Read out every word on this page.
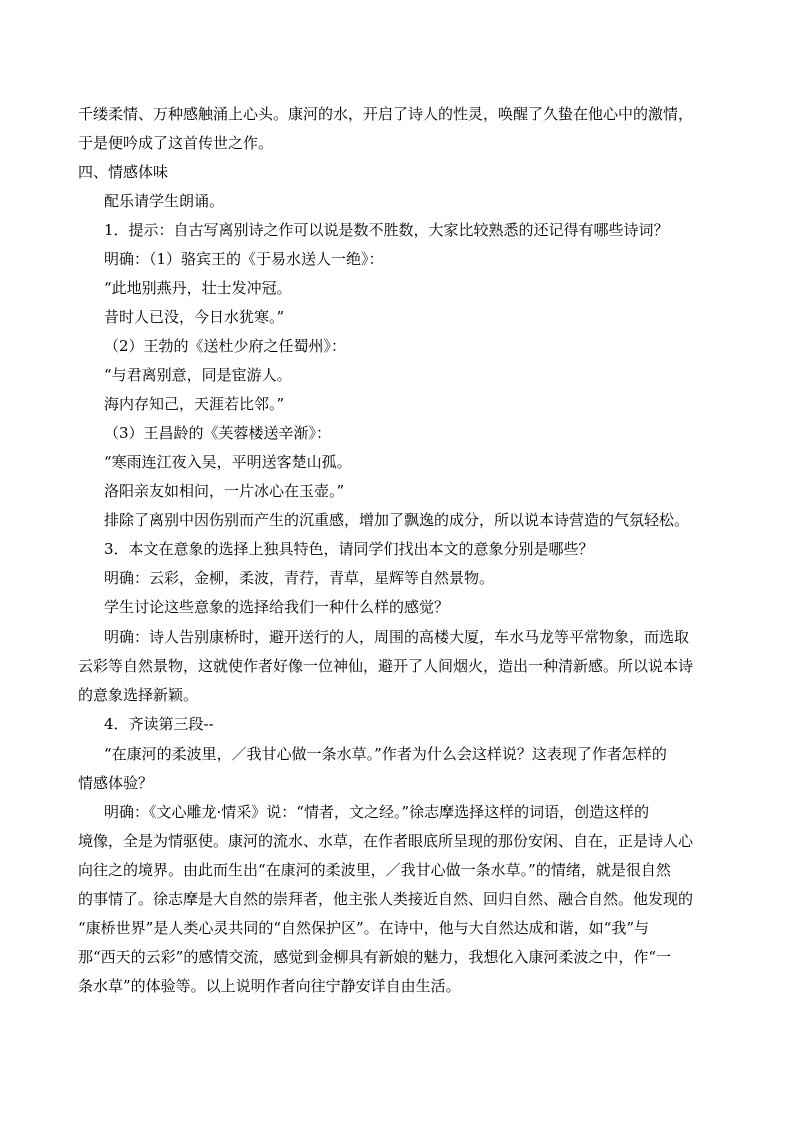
千缕柔情、万种感触涌上心头。康河的水，开启了诗人的性灵，唤醒了久蛰在他心中的激情，
于是便吟成了这首传世之作。
四、情感体味
配乐请学生朗诵。
1．提示：自古写离别诗之作可以说是数不胜数，大家比较熟悉的还记得有哪些诗词？
明确：（1）骆宾王的《于易水送人一绝》：
“此地别燕丹，壮士发冲冠。
昔时人已没，今日水犹寒。”
（2）王勃的《送杜少府之任蜀州》：
“与君离别意，同是宦游人。
海内存知己，天涯若比邻。”
（3）王昌龄的《芙蓉楼送辛渐》：
“寒雨连江夜入吴，平明送客楚山孤。
洛阳亲友如相问，一片冰心在玉壶。”
排除了离别中因伤别而产生的沉重感，增加了飘逸的成分，所以说本诗营造的气氛轻松。
3．本文在意象的选择上独具特色，请同学们找出本文的意象分别是哪些？
明确：云彩，金柳，柔波，青荇，青草，星辉等自然景物。
学生讨论这些意象的选择给我们一种什么样的感觉？
明确：诗人告别康桥时，避开送行的人，周围的高楼大厦，车水马龙等平常物象，而选取
云彩等自然景物，这就使作者好像一位神仙，避开了人间烟火，造出一种清新感。所以说本诗
的意象选择新颖。
4．齐读第三段--
“在康河的柔波里，／我甘心做一条水草。”作者为什么会这样说？这表现了作者怎样的
情感体验？
明确：《文心雕龙·情采》说：“情者，文之经。”徐志摩选择这样的词语，创造这样的
境像，全是为情驱使。康河的流水、水草，在作者眼底所呈现的那份安闲、自在，正是诗人心
向往之的境界。由此而生出“在康河的柔波里，／我甘心做一条水草。”的情绪，就是很自然
的事情了。徐志摩是大自然的崇拜者，他主张人类接近自然、回归自然、融合自然。他发现的
“康桥世界”是人类心灵共同的“自然保护区”。在诗中，他与大自然达成和谐，如“我”与
那“西天的云彩”的感情交流，感觉到金柳具有新娘的魅力，我想化入康河柔波之中，作“一
条水草”的体验等。以上说明作者向往宁静安详自由生活。
